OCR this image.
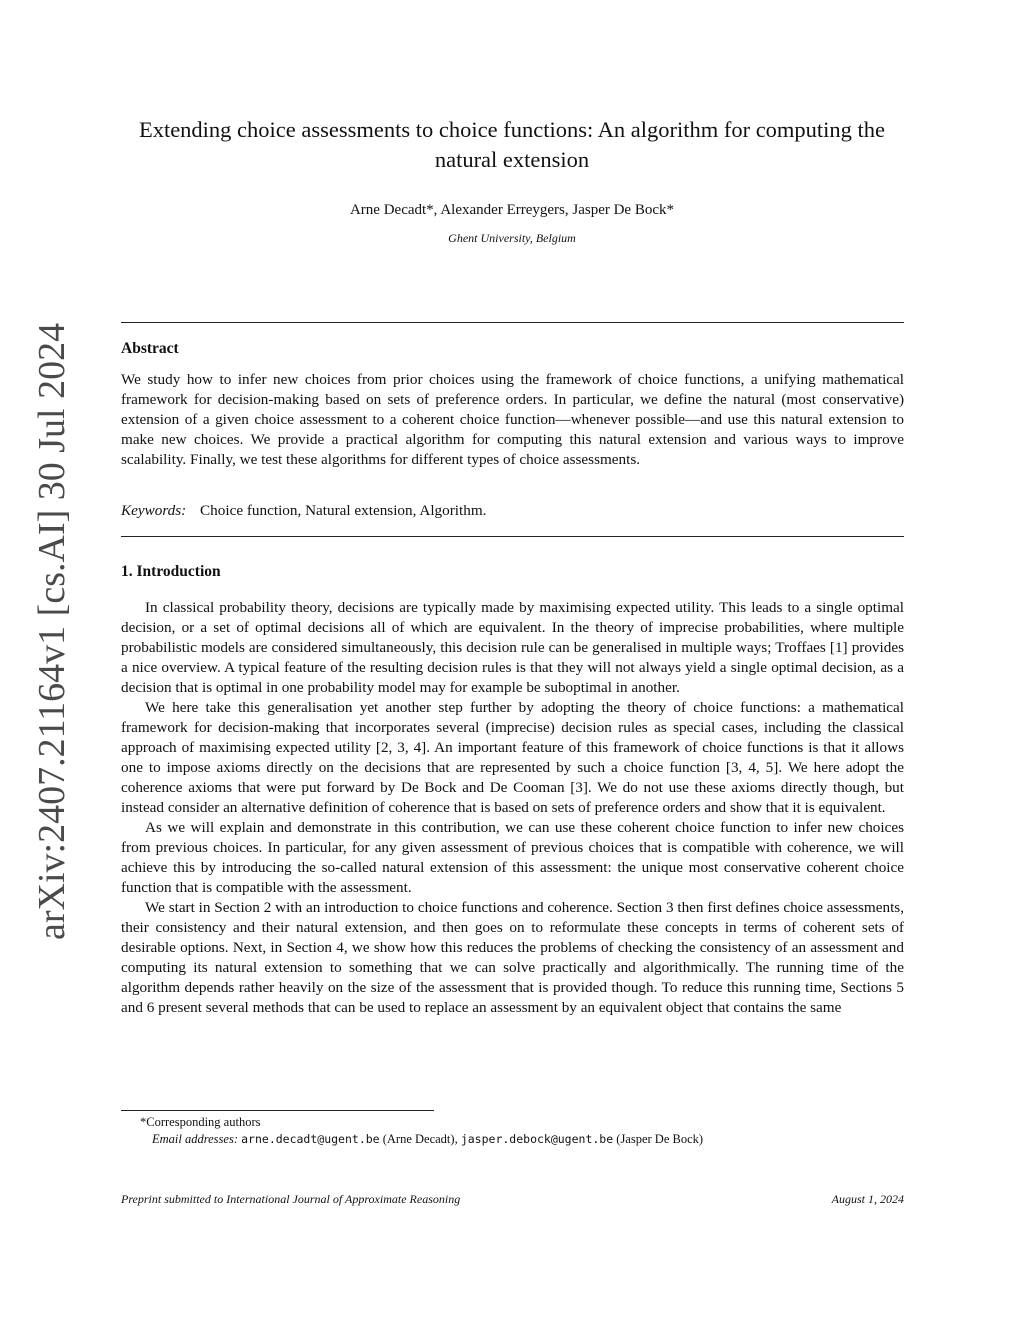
arXiv:2407.21164v1 [cs.AI] 30 Jul 2024
Extending choice assessments to choice functions: An algorithm for computing the natural extension
Arne Decadt*, Alexander Erreygers, Jasper De Bock*
Ghent University, Belgium
Abstract

We study how to infer new choices from prior choices using the framework of choice functions, a unifying mathematical framework for decision-making based on sets of preference orders. In particular, we define the natural (most conservative) extension of a given choice assessment to a coherent choice function—whenever possible—and use this natural extension to make new choices. We provide a practical algorithm for computing this natural extension and various ways to improve scalability. Finally, we test these algorithms for different types of choice assessments.

Keywords: Choice function, Natural extension, Algorithm.
1. Introduction

In classical probability theory, decisions are typically made by maximising expected utility. This leads to a single optimal decision, or a set of optimal decisions all of which are equivalent. In the theory of imprecise probabilities, where multiple probabilistic models are considered simultaneously, this decision rule can be generalised in multiple ways; Troffaes [1] provides a nice overview. A typical feature of the resulting decision rules is that they will not always yield a single optimal decision, as a decision that is optimal in one probability model may for example be suboptimal in another.

We here take this generalisation yet another step further by adopting the theory of choice functions: a mathematical framework for decision-making that incorporates several (imprecise) decision rules as special cases, including the classical approach of maximising expected utility [2, 3, 4]. An important feature of this framework of choice functions is that it allows one to impose axioms directly on the decisions that are represented by such a choice function [3, 4, 5]. We here adopt the coherence axioms that were put forward by De Bock and De Cooman [3]. We do not use these axioms directly though, but instead consider an alternative definition of coherence that is based on sets of preference orders and show that it is equivalent.

As we will explain and demonstrate in this contribution, we can use these coherent choice function to infer new choices from previous choices. In particular, for any given assessment of previous choices that is compatible with coherence, we will achieve this by introducing the so-called natural extension of this assessment: the unique most conservative coherent choice function that is compatible with the assessment.

We start in Section 2 with an introduction to choice functions and coherence. Section 3 then first defines choice assessments, their consistency and their natural extension, and then goes on to reformulate these concepts in terms of coherent sets of desirable options. Next, in Section 4, we show how this reduces the problems of checking the consistency of an assessment and computing its natural extension to something that we can solve practically and algorithmically. The running time of the algorithm depends rather heavily on the size of the assessment that is provided though. To reduce this running time, Sections 5 and 6 present several methods that can be used to replace an assessment by an equivalent object that contains the same

*Corresponding authors
Email addresses: arne.decadt@ugent.be (Arne Decadt), jasper.debock@ugent.be (Jasper De Bock)
Preprint submitted to International Journal of Approximate Reasoning	August 1, 2024
